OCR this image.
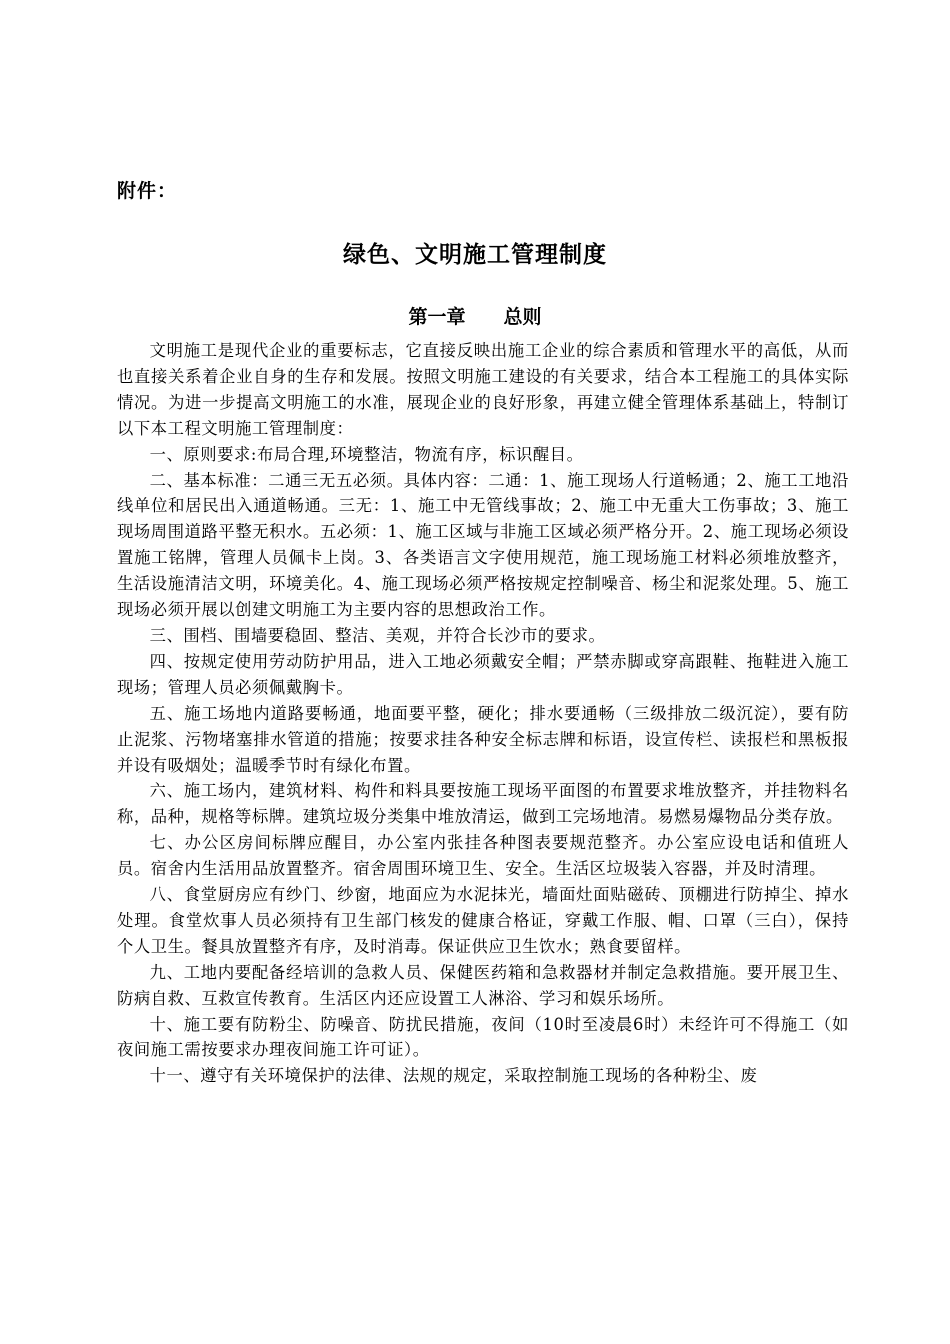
附件：
绿色、文明施工管理制度
第一章 总则

文明施工是现代企业的重要标志，它直接反映出施工企业的综合素质和管理水平的高低，从而也直接关系着企业自身的生存和发展。按照文明施工建设的有关要求，结合本工程施工的具体实际情况。为进一步提高文明施工的水准，展现企业的良好形象，再建立健全管理体系基础上，特制订以下本工程文明施工管理制度：

一、原则要求:布局合理,环境整洁，物流有序，标识醒目。

二、基本标准：二通三无五必须。具体内容：二通：1、施工现场人行道畅通；2、施工工地沿线单位和居民出入通道畅通。三无：1、施工中无管线事故；2、施工中无重大工伤事故；3、施工现场周围道路平整无积水。五必须：1、施工区域与非施工区域必须严格分开。2、施工现场必须设置施工铭牌，管理人员佩卡上岗。3、各类语言文字使用规范，施工现场施工材料必须堆放整齐，生活设施清洁文明，环境美化。4、施工现场必须严格按规定控制噪音、杨尘和泥浆处理。5、施工现场必须开展以创建文明施工为主要内容的思想政治工作。

三、围档、围墙要稳固、整洁、美观，并符合长沙市的要求。

四、按规定使用劳动防护用品，进入工地必须戴安全帽；严禁赤脚或穿高跟鞋、拖鞋进入施工现场；管理人员必须佩戴胸卡。

五、施工场地内道路要畅通，地面要平整，硬化；排水要通畅（三级排放二级沉淀），要有防止泥浆、污物堵塞排水管道的措施；按要求挂各种安全标志牌和标语，设宣传栏、读报栏和黑板报并设有吸烟处；温暖季节时有绿化布置。

六、施工场内，建筑材料、构件和料具要按施工现场平面图的布置要求堆放整齐，并挂物料名称，品种，规格等标牌。建筑垃圾分类集中堆放清运，做到工完场地清。易燃易爆物品分类存放。

七、办公区房间标牌应醒目，办公室内张挂各种图表要规范整齐。办公室应设电话和值班人员。宿舍内生活用品放置整齐。宿舍周围环境卫生、安全。生活区垃圾装入容器，并及时清理。

八、食堂厨房应有纱门、纱窗，地面应为水泥抹光，墙面灶面贴磁砖、顶棚进行防掉尘、掉水处理。食堂炊事人员必须持有卫生部门核发的健康合格证，穿戴工作服、帽、口罩（三白），保持个人卫生。餐具放置整齐有序，及时消毒。保证供应卫生饮水；熟食要留样。

九、工地内要配备经培训的急救人员、保健医药箱和急救器材并制定急救措施。要开展卫生、防病自救、互救宣传教育。生活区内还应设置工人淋浴、学习和娱乐场所。

十、施工要有防粉尘、防噪音、防扰民措施，夜间（10时至凌晨6时）未经许可不得施工（如夜间施工需按要求办理夜间施工许可证）。

十一、遵守有关环境保护的法律、法规的规定，采取控制施工现场的各种粉尘、废
